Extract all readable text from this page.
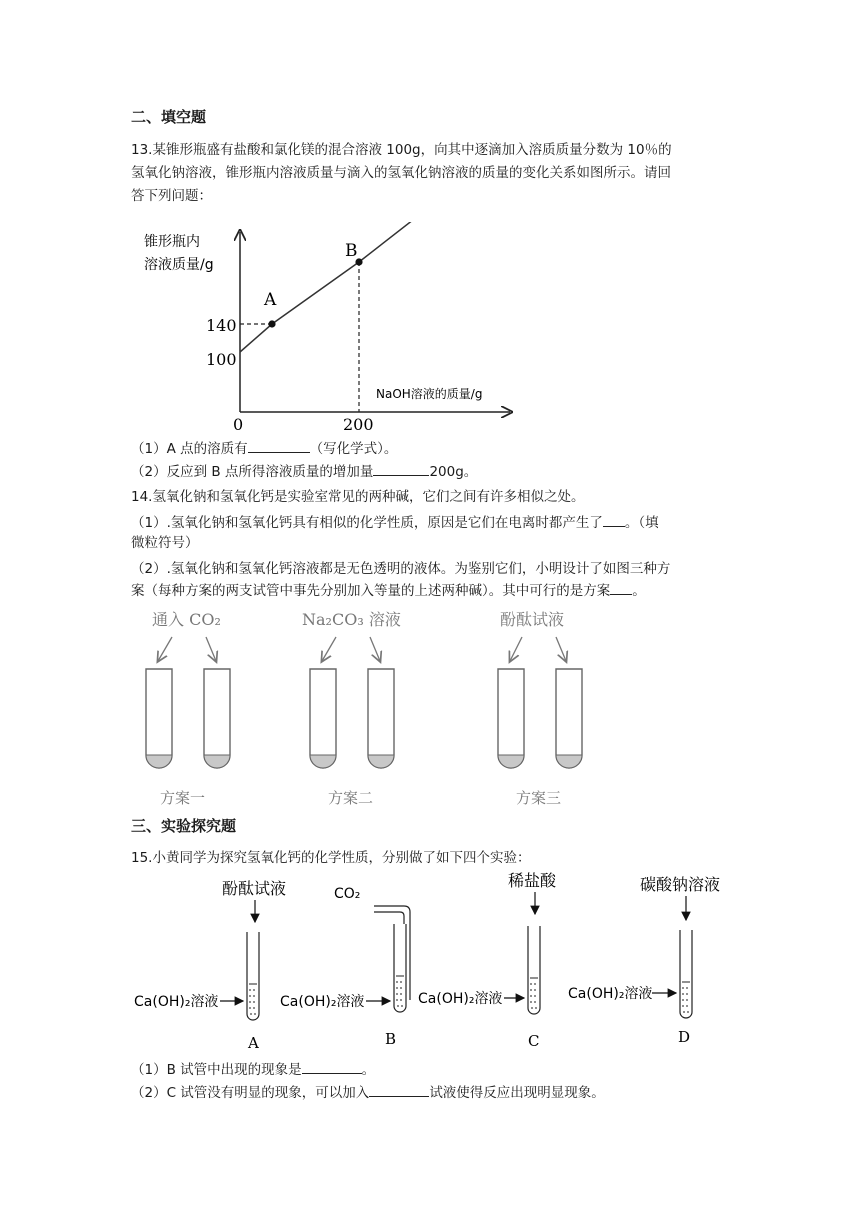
二、填空题
13.某锥形瓶盛有盐酸和氯化镁的混合溶液 100g，向其中逐滴加入溶质质量分数为 10％的
氢氧化钠溶液，锥形瓶内溶液质量与滴入的氢氧化钠溶液的质量的变化关系如图所示。请回
答下列问题：
锥形瓶内
溶液质量/g
NaOH溶液的质量/g
0	200
140
100
A
B
（1）A 点的溶质有	（写化学式）。
（2）反应到 B 点所得溶液质量的增加量	200g。
14.氢氧化钠和氢氧化钙是实验室常见的两种碱，它们之间有许多相似之处。
（1）.氢氧化钠和氢氧化钙具有相似的化学性质，原因是它们在电离时都产生了 。（填
微粒符号）
（2）.氢氧化钠和氢氧化钙溶液都是无色透明的液体。为鉴别它们，小明设计了如图三种方
案（每种方案的两支试管中事先分别加入等量的上述两种碱）。其中可行的是方案 。
通入 CO₂
方案一
Na₂CO₃ 溶液
方案二
酚酞试液
方案三
三、实验探究题
15.小黄同学为探究氢氧化钙的化学性质，分别做了如下四个实验：
酚酞试液
Ca(OH)₂溶液
A
CO₂
Ca(OH)₂溶液
B
稀盐酸
Ca(OH)₂溶液
C
碳酸钠溶液
Ca(OH)₂溶液
D
（1）B 试管中出现的现象是	。
（2）C 试管没有明显的现象，可以加入	试液使得反应出现明显现象。
